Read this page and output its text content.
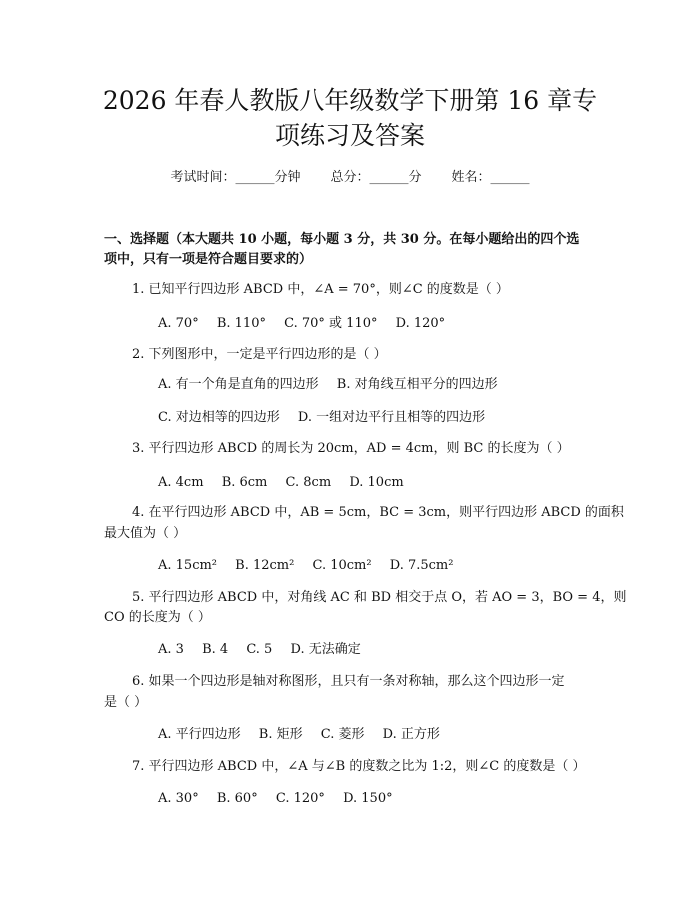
2026 年春人教版八年级数学下册第 16 章专
项练习及答案
考试时间：______分钟 总分：______分 姓名：______
一、选择题（本大题共 10 小题，每小题 3 分，共 30 分。在每小题给出的四个选
项中，只有一项是符合题目要求的）
1. 已知平行四边形 ABCD 中，∠A = 70°，则∠C 的度数是（ ）
A. 70° B. 110° C. 70° 或 110° D. 120°
2. 下列图形中，一定是平行四边形的是（ ）
A. 有一个角是直角的四边形 B. 对角线互相平分的四边形
C. 对边相等的四边形 D. 一组对边平行且相等的四边形
3. 平行四边形 ABCD 的周长为 20cm，AD = 4cm，则 BC 的长度为（ ）
A. 4cm B. 6cm C. 8cm D. 10cm
4. 在平行四边形 ABCD 中，AB = 5cm，BC = 3cm，则平行四边形 ABCD 的面积
最大值为（ ）
A. 15cm² B. 12cm² C. 10cm² D. 7.5cm²
5. 平行四边形 ABCD 中，对角线 AC 和 BD 相交于点 O，若 AO = 3，BO = 4，则
CO 的长度为（ ）
A. 3 B. 4 C. 5 D. 无法确定
6. 如果一个四边形是轴对称图形，且只有一条对称轴，那么这个四边形一定
是（ ）
A. 平行四边形 B. 矩形 C. 菱形 D. 正方形
7. 平行四边形 ABCD 中，∠A 与∠B 的度数之比为 1:2，则∠C 的度数是（ ）
A. 30° B. 60° C. 120° D. 150°
